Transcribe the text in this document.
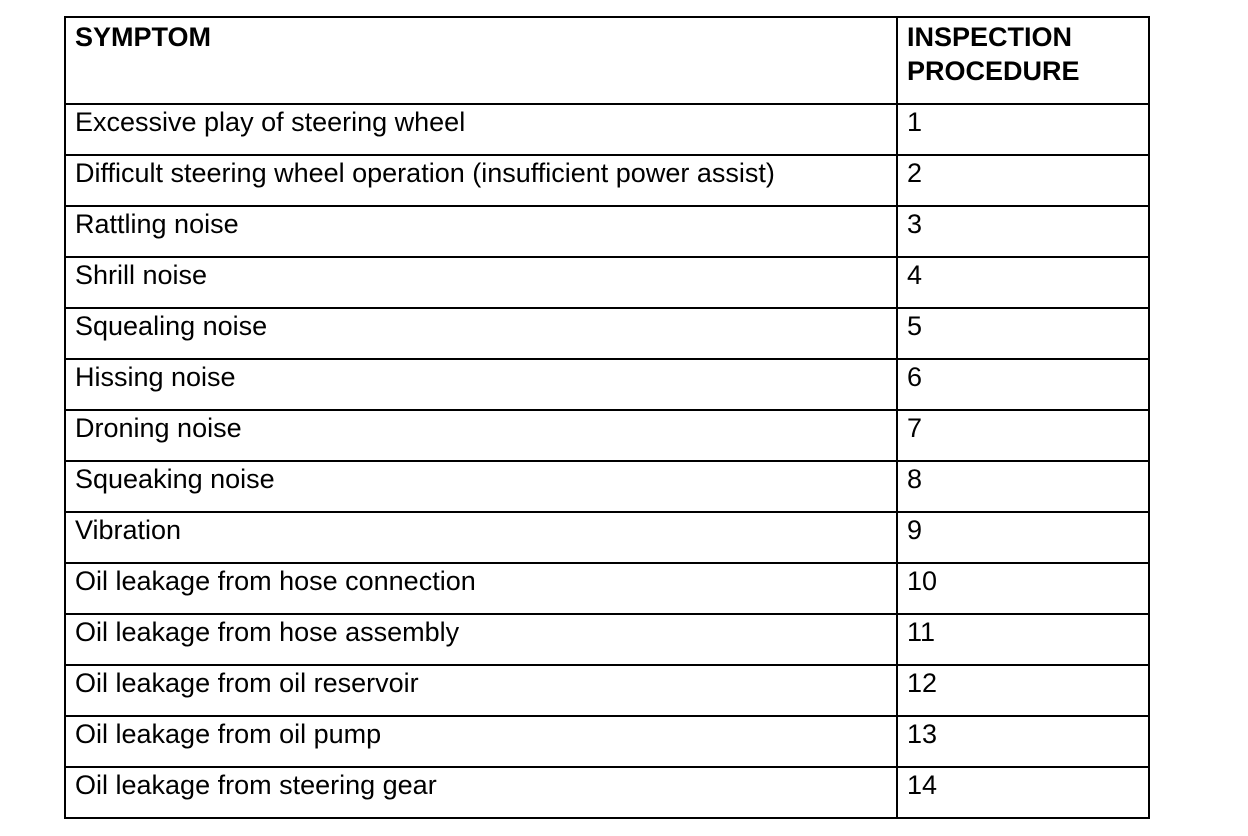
SYMPTOM	INSPECTION PROCEDURE
Excessive play of steering wheel	1
Difficult steering wheel operation (insufficient power assist)	2
Rattling noise	3
Shrill noise	4
Squealing noise	5
Hissing noise	6
Droning noise	7
Squeaking noise	8
Vibration	9
Oil leakage from hose connection	10
Oil leakage from hose assembly	11
Oil leakage from oil reservoir	12
Oil leakage from oil pump	13
Oil leakage from steering gear	14
